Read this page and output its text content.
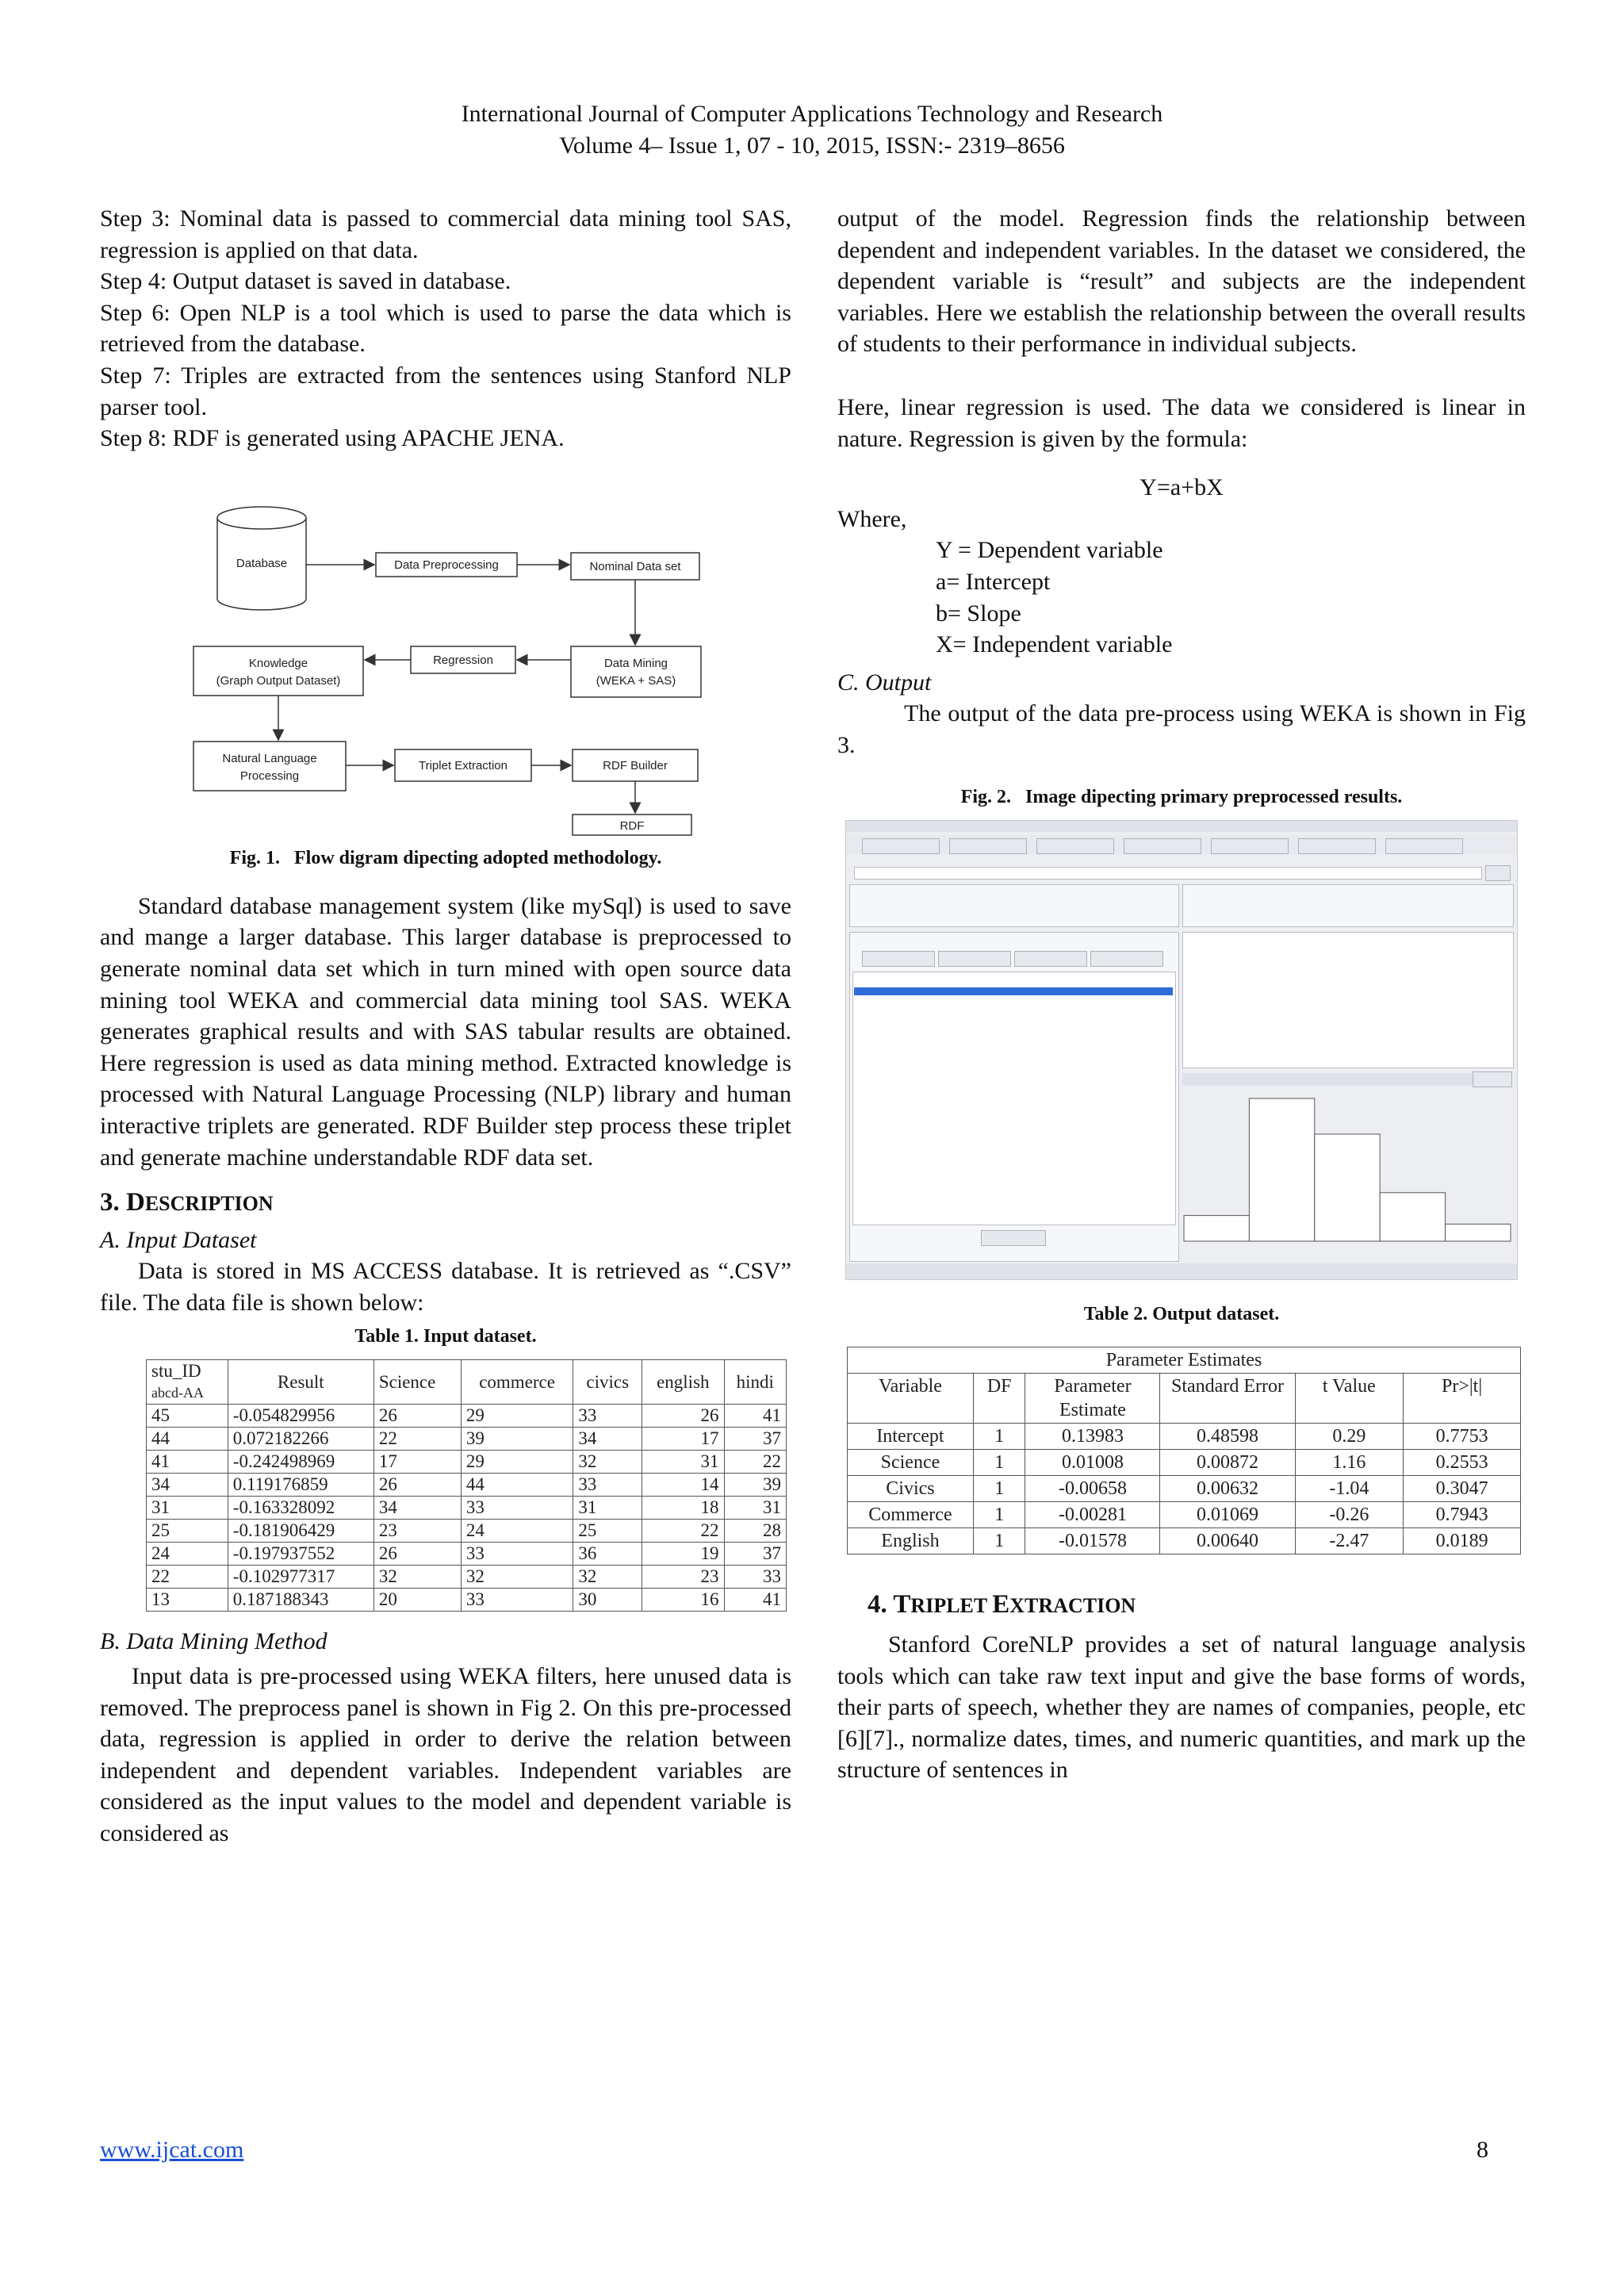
International Journal of Computer Applications Technology and Research
Volume 4– Issue 1, 07 - 10, 2015, ISSN:- 2319–8656

Step 3: Nominal data is passed to commercial data mining tool SAS, regression is applied on that data.

Step 4: Output dataset is saved in database.

Step 6: Open NLP is a tool which is used to parse the data which is retrieved from the database.

Step 7: Triples are extracted from the sentences using Stanford NLP parser tool.

Step 8: RDF is generated using APACHE JENA.

Database	Data Preprocessing	Nominal Data set
Knowledge
(Graph Output Dataset)
Regression	Data Mining
(WEKA + SAS)
Natural Language
Processing
Triplet Extraction	RDF Builder
RDF
Fig. 1. Flow digram dipecting adopted methodology.

Standard database management system (like mySql) is used to save and mange a larger database. This larger database is preprocessed to generate nominal data set which in turn mined with open source data mining tool WEKA and commercial data mining tool SAS. WEKA generates graphical results and with SAS tabular results are obtained. Here regression is used as data mining method. Extracted knowledge is processed with Natural Language Processing (NLP) library and human interactive triplets are generated. RDF Builder step process these triplet and generate machine understandable RDF data set.

3. DESCRIPTION

A. Input Dataset

Data is stored in MS ACCESS database. It is retrieved as “.CSV” file. The data file is shown below:

Table 1. Input dataset.
stu_ID
abcd-AA	Result	Science	commerce	civics	english	hindi
45	-0.054829956	26	29	33	26	41
44	0.072182266	22	39	34	17	37
41	-0.242498969	17	29	32	31	22
34	0.119176859	26	44	33	14	39
31	-0.163328092	34	33	31	18	31
25	-0.181906429	23	24	25	22	28
24	-0.197937552	26	33	36	19	37
22	-0.102977317	32	32	32	23	33
13	0.187188343	20	33	30	16	41

B. Data Mining Method

Input data is pre-processed using WEKA filters, here unused data is removed. The preprocess panel is shown in Fig 2. On this pre-processed data, regression is applied in order to derive the relation between independent and dependent variables. Independent variables are considered as the input values to the model and dependent variable is considered as

output of the model. Regression finds the relationship between dependent and independent variables. In the dataset we considered, the dependent variable is “result” and subjects are the independent variables. Here we establish the relationship between the overall results of students to their performance in individual subjects.

Here, linear regression is used. The data we considered is linear in nature. Regression is given by the formula:

Y=a+bX

Where,

Y = Dependent variable

a= Intercept

b= Slope

X= Independent variable

C. Output

The output of the data pre-process using WEKA is shown in Fig 3.

Fig. 2. Image dipecting primary preprocessed results.
Table 2. Output dataset.
Parameter Estimates					
Variable	DF	Parameter Estimate	Standard Error	t Value	Pr>|t|
Intercept	1	0.13983	0.48598	0.29	0.7753
Science	1	0.01008	0.00872	1.16	0.2553
Civics	1	-0.00658	0.00632	-1.04	0.3047
Commerce	1	-0.00281	0.01069	-0.26	0.7943
English	1	-0.01578	0.00640	-2.47	0.0189

4. TRIPLET EXTRACTION

Stanford CoreNLP provides a set of natural language analysis tools which can take raw text input and give the base forms of words, their parts of speech, whether they are names of companies, people, etc [6][7]., normalize dates, times, and numeric quantities, and mark up the structure of sentences in

www.ijcat.com	8
